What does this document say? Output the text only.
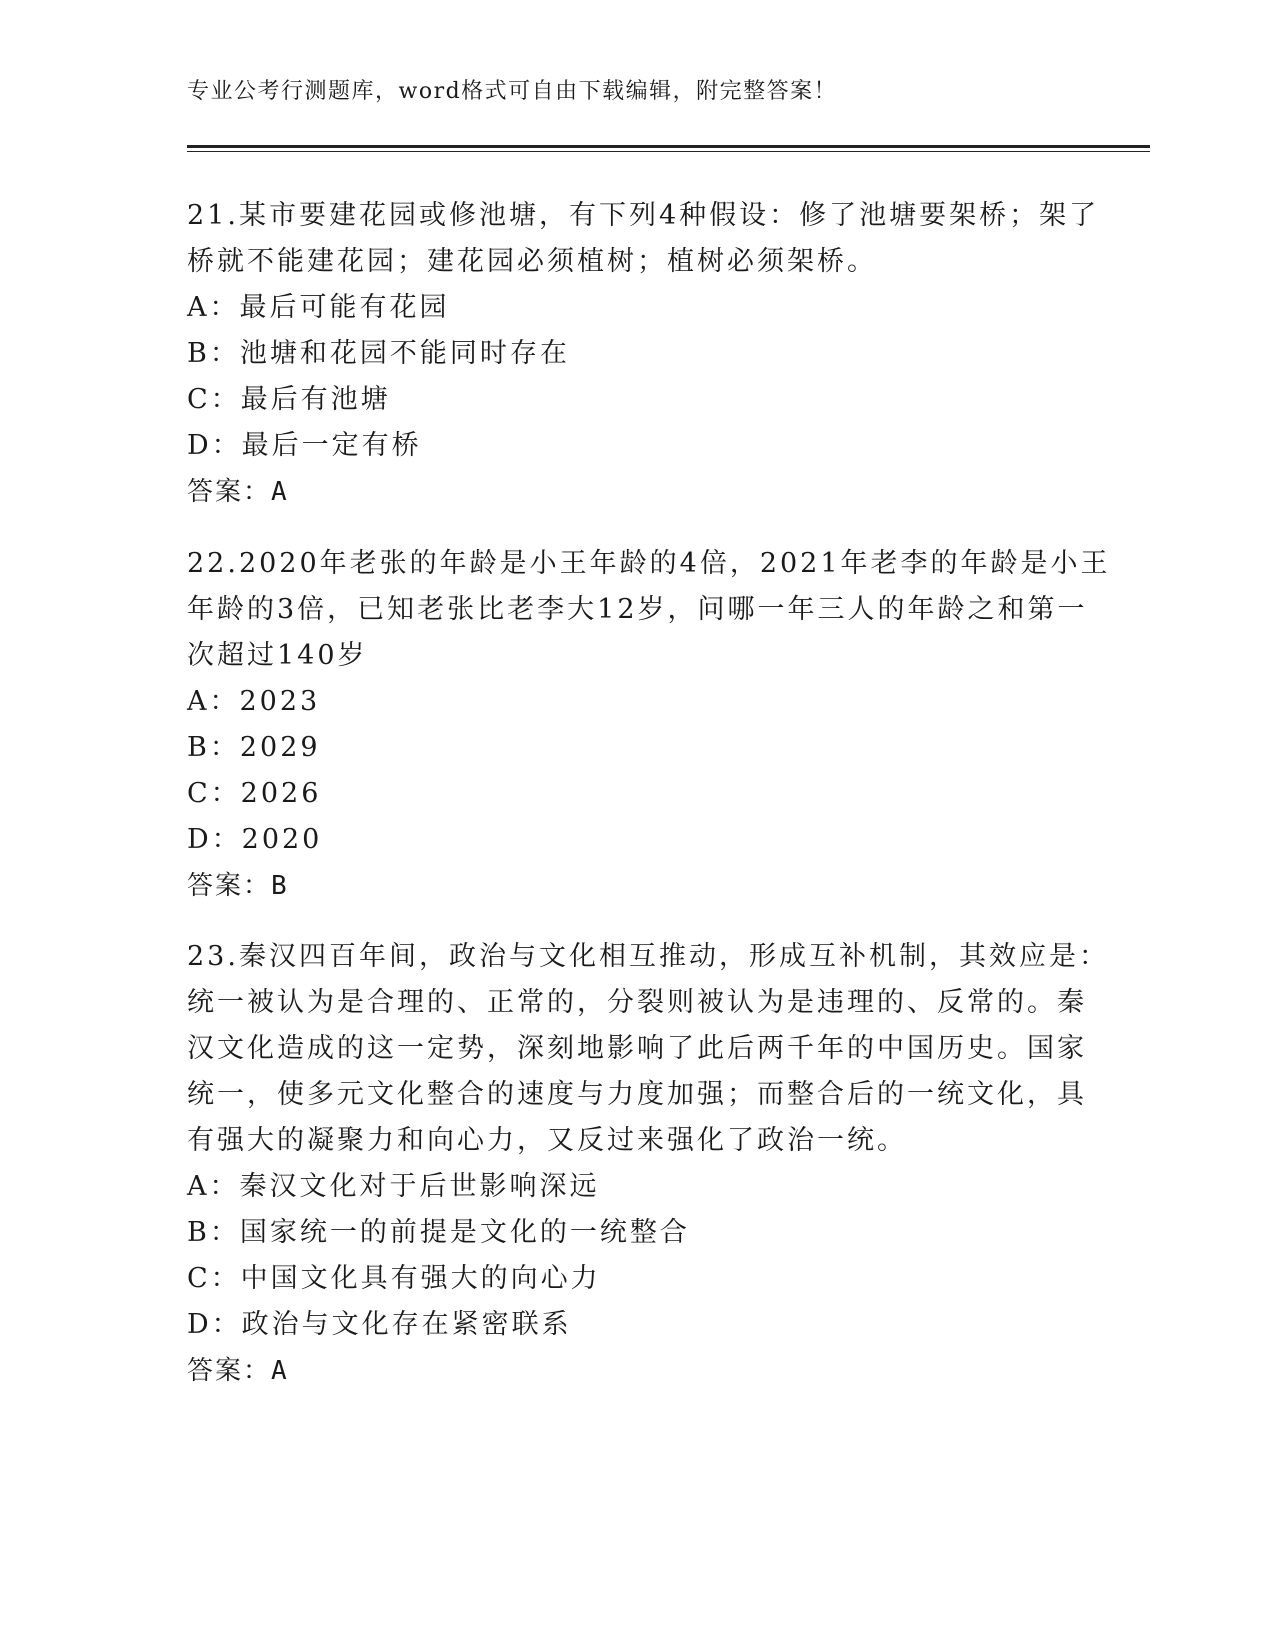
专业公考行测题库，word格式可自由下载编辑，附完整答案！
21.某市要建花园或修池塘，有下列4种假设：修了池塘要架桥；架了
桥就不能建花园；建花园必须植树；植树必须架桥。
A：最后可能有花园
B：池塘和花园不能同时存在
C：最后有池塘
D：最后一定有桥
答案：A
22.2020年老张的年龄是小王年龄的4倍，2021年老李的年龄是小王
年龄的3倍，已知老张比老李大12岁，问哪一年三人的年龄之和第一
次超过140岁
A：2023
B：2029
C：2026
D：2020
答案：B
23.秦汉四百年间，政治与文化相互推动，形成互补机制，其效应是：
统一被认为是合理的、正常的，分裂则被认为是违理的、反常的。秦
汉文化造成的这一定势，深刻地影响了此后两千年的中国历史。国家
统一，使多元文化整合的速度与力度加强；而整合后的一统文化，具
有强大的凝聚力和向心力，又反过来强化了政治一统。
A：秦汉文化对于后世影响深远
B：国家统一的前提是文化的一统整合
C：中国文化具有强大的向心力
D：政治与文化存在紧密联系
答案：A
